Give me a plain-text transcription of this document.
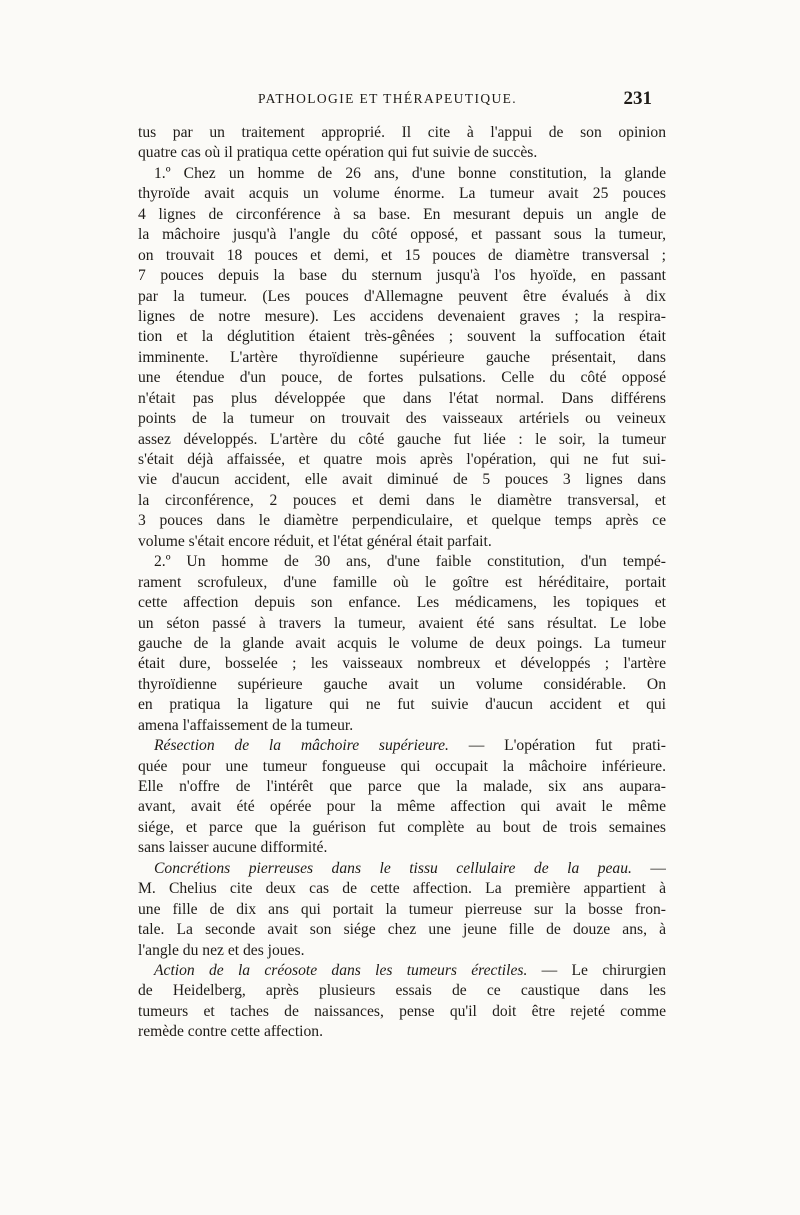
PATHOLOGIE ET THÉRAPEUTIQUE.	231
tus par un traitement approprié. Il cite à l'appui de son opinion
quatre cas où il pratiqua cette opération qui fut suivie de succès.
1.º Chez un homme de 26 ans, d'une bonne constitution, la glande
thyroïde avait acquis un volume énorme. La tumeur avait 25 pouces
4 lignes de circonférence à sa base. En mesurant depuis un angle de
la mâchoire jusqu'à l'angle du côté opposé, et passant sous la tumeur,
on trouvait 18 pouces et demi, et 15 pouces de diamètre transversal ;
7 pouces depuis la base du sternum jusqu'à l'os hyoïde, en passant
par la tumeur. (Les pouces d'Allemagne peuvent être évalués à dix
lignes de notre mesure). Les accidens devenaient graves ; la respira-
tion et la déglutition étaient très-gênées ; souvent la suffocation était
imminente. L'artère thyroïdienne supérieure gauche présentait, dans
une étendue d'un pouce, de fortes pulsations. Celle du côté opposé
n'était pas plus développée que dans l'état normal. Dans différens
points de la tumeur on trouvait des vaisseaux artériels ou veineux
assez développés. L'artère du côté gauche fut liée : le soir, la tumeur
s'était déjà affaissée, et quatre mois après l'opération, qui ne fut sui-
vie d'aucun accident, elle avait diminué de 5 pouces 3 lignes dans
la circonférence, 2 pouces et demi dans le diamètre transversal, et
3 pouces dans le diamètre perpendiculaire, et quelque temps après ce
volume s'était encore réduit, et l'état général était parfait.
2.º Un homme de 30 ans, d'une faible constitution, d'un tempé-
rament scrofuleux, d'une famille où le goître est héréditaire, portait
cette affection depuis son enfance. Les médicamens, les topiques et
un séton passé à travers la tumeur, avaient été sans résultat. Le lobe
gauche de la glande avait acquis le volume de deux poings. La tumeur
était dure, bosselée ; les vaisseaux nombreux et développés ; l'artère
thyroïdienne supérieure gauche avait un volume considérable. On
en pratiqua la ligature qui ne fut suivie d'aucun accident et qui
amena l'affaissement de la tumeur.
Résection de la mâchoire supérieure. — L'opération fut prati-
quée pour une tumeur fongueuse qui occupait la mâchoire inférieure.
Elle n'offre de l'intérêt que parce que la malade, six ans aupara-
avant, avait été opérée pour la même affection qui avait le même
siége, et parce que la guérison fut complète au bout de trois semaines
sans laisser aucune difformité.
Concrétions pierreuses dans le tissu cellulaire de la peau. —
M. Chelius cite deux cas de cette affection. La première appartient à
une fille de dix ans qui portait la tumeur pierreuse sur la bosse fron-
tale. La seconde avait son siége chez une jeune fille de douze ans, à
l'angle du nez et des joues.
Action de la créosote dans les tumeurs érectiles. — Le chirurgien
de Heidelberg, après plusieurs essais de ce caustique dans les
tumeurs et taches de naissances, pense qu'il doit être rejeté comme
remède contre cette affection.
